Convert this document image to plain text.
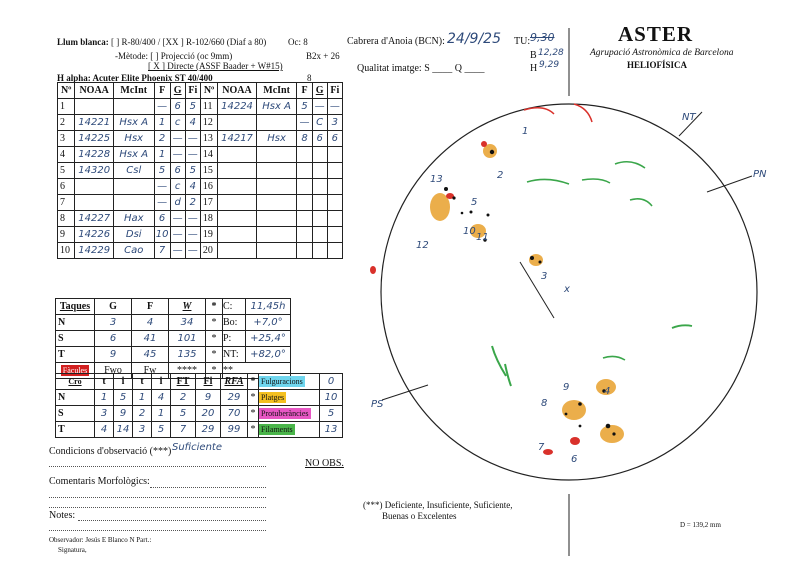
Llum blanca: [ ] R-80/400 / [XX ] R-102/660 (Diaf a 80) Oc: 8
-Mètode: [ ] Projecció (oc 9mm)
[ X ] Directe (ASSF Baader + W#15)
B2x + 26
H alpha: Acuter Elite Phoenix ST 40/400	8
Cabrera d'Anoia (BCN): 24/9/25 TU: 9,30
B 12,28
H 9,29
Qualitat imatge: S ____ Q ____
ASTER
Agrupació Astronòmica de Barcelona
HELIOFÍSICA
Nº	NOAA	McInt	F	G	Fi	Nº	NOAA	McInt	F	G	Fi
1			—	6	5	11	14224	Hsx A	5	—	—
2	14221	Hsx A	1	c	4	12			—	C	3
3	14225	Hsx	2	—	—	13	14217	Hsx	8	6	6
4	14228	Hsx A	1	—	—	14					
5	14320	Csl	5	6	5	15					
6			—	c	4	16					
7			—	d	2	17					
8	14227	Hax	6	—	—	18					
9	14226	Dsi	10	—	—	19					
10	14229	Cao	7	—	—	20					
Taques	G	F	W	*	C:	11,45h
N	3	4	34	*	Bo:	+7,0°
S	6	41	101	*	P:	+25,4°
T	9	45	135	*	NT:	+82,0°
Fàcules	Fwo	Fw	****	*	**	
Cro	t	i	t	i	FT	Fi	RFA	*	Fulguracions	0
N	1	5	1	4	2	9	29	*	Platges	10
S	3	9	2	1	5	20	70	*	Protuberàncies	5
T	4	14	3	5	7	29	99	*	Filaments	13
Condicions d'observació (***) Suficiente
NO OBS.
Comentaris Morfològics:
Notes:
Observador: Jesús E Blanco N Part.:
Signatura,
(***) Deficiente, Insuficiente, Suficiente,
Buenas o Excelentes
D = 139,2 mm
1
2
3
4
5
6
7
8
9
10
11
12
13
NT
PN
PS
x
